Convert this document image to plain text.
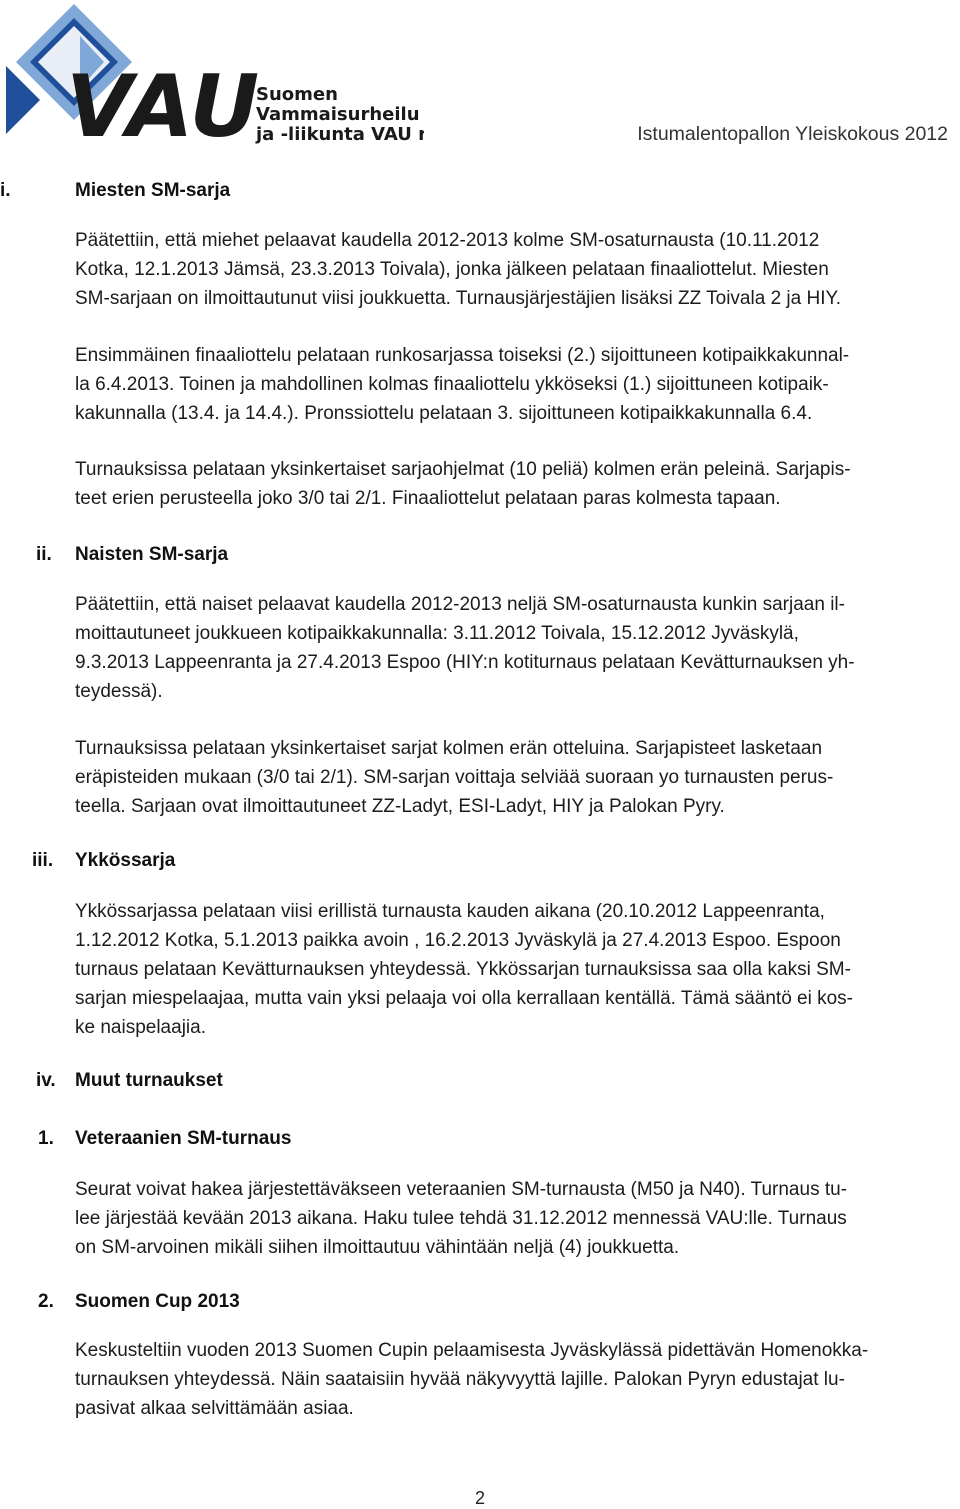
VAU
Suomen
Vammaisurheilu
ja -liikunta VAU ry	Istumalentopallon Yleiskokous 2012
i.	Miesten SM-sarja
Päätettiin, että miehet pelaavat kaudella 2012-2013 kolme SM-osaturnausta (10.11.2012
Kotka, 12.1.2013 Jämsä, 23.3.2013 Toivala), jonka jälkeen pelataan finaaliottelut. Miesten
SM-sarjaan on ilmoittautunut viisi joukkuetta. Turnausjärjestäjien lisäksi ZZ Toivala 2 ja HIY.
Ensimmäinen finaaliottelu pelataan runkosarjassa toiseksi (2.) sijoittuneen kotipaikkakunnal-
la 6.4.2013. Toinen ja mahdollinen kolmas finaaliottelu ykköseksi (1.) sijoittuneen kotipaik-
kakunnalla (13.4. ja 14.4.). Pronssiottelu pelataan 3. sijoittuneen kotipaikkakunnalla 6.4.
Turnauksissa pelataan yksinkertaiset sarjaohjelmat (10 peliä) kolmen erän peleinä. Sarjapis-
teet erien perusteella joko 3/0 tai 2/1. Finaaliottelut pelataan paras kolmesta tapaan.
ii. Naisten SM-sarja
Päätettiin, että naiset pelaavat kaudella 2012-2013 neljä SM-osaturnausta kunkin sarjaan il-
moittautuneet joukkueen kotipaikkakunnalla: 3.11.2012 Toivala, 15.12.2012 Jyväskylä,
9.3.2013 Lappeenranta ja 27.4.2013 Espoo (HIY:n kotiturnaus pelataan Kevätturnauksen yh-
teydessä).
Turnauksissa pelataan yksinkertaiset sarjat kolmen erän otteluina. Sarjapisteet lasketaan
eräpisteiden mukaan (3/0 tai 2/1). SM-sarjan voittaja selviää suoraan yo turnausten perus-
teella. Sarjaan ovat ilmoittautuneet ZZ-Ladyt, ESI-Ladyt, HIY ja Palokan Pyry.
iii. Ykkössarja
Ykkössarjassa pelataan viisi erillistä turnausta kauden aikana (20.10.2012 Lappeenranta,
1.12.2012 Kotka, 5.1.2013 paikka avoin , 16.2.2013 Jyväskylä ja 27.4.2013 Espoo. Espoon
turnaus pelataan Kevätturnauksen yhteydessä. Ykkössarjan turnauksissa saa olla kaksi SM-
sarjan miespelaajaa, mutta vain yksi pelaaja voi olla kerrallaan kentällä. Tämä sääntö ei kos-
ke naispelaajia.
iv. Muut turnaukset
1. Veteraanien SM-turnaus
Seurat voivat hakea järjestettäväkseen veteraanien SM-turnausta (M50 ja N40). Turnaus tu-
lee järjestää kevään 2013 aikana. Haku tulee tehdä 31.12.2012 mennessä VAU:lle. Turnaus
on SM-arvoinen mikäli siihen ilmoittautuu vähintään neljä (4) joukkuetta.
2. Suomen Cup 2013
Keskusteltiin vuoden 2013 Suomen Cupin pelaamisesta Jyväskylässä pidettävän Homenokka-
turnauksen yhteydessä. Näin saataisiin hyvää näkyvyyttä lajille. Palokan Pyryn edustajat lu-
pasivat alkaa selvittämään asiaa.
2
